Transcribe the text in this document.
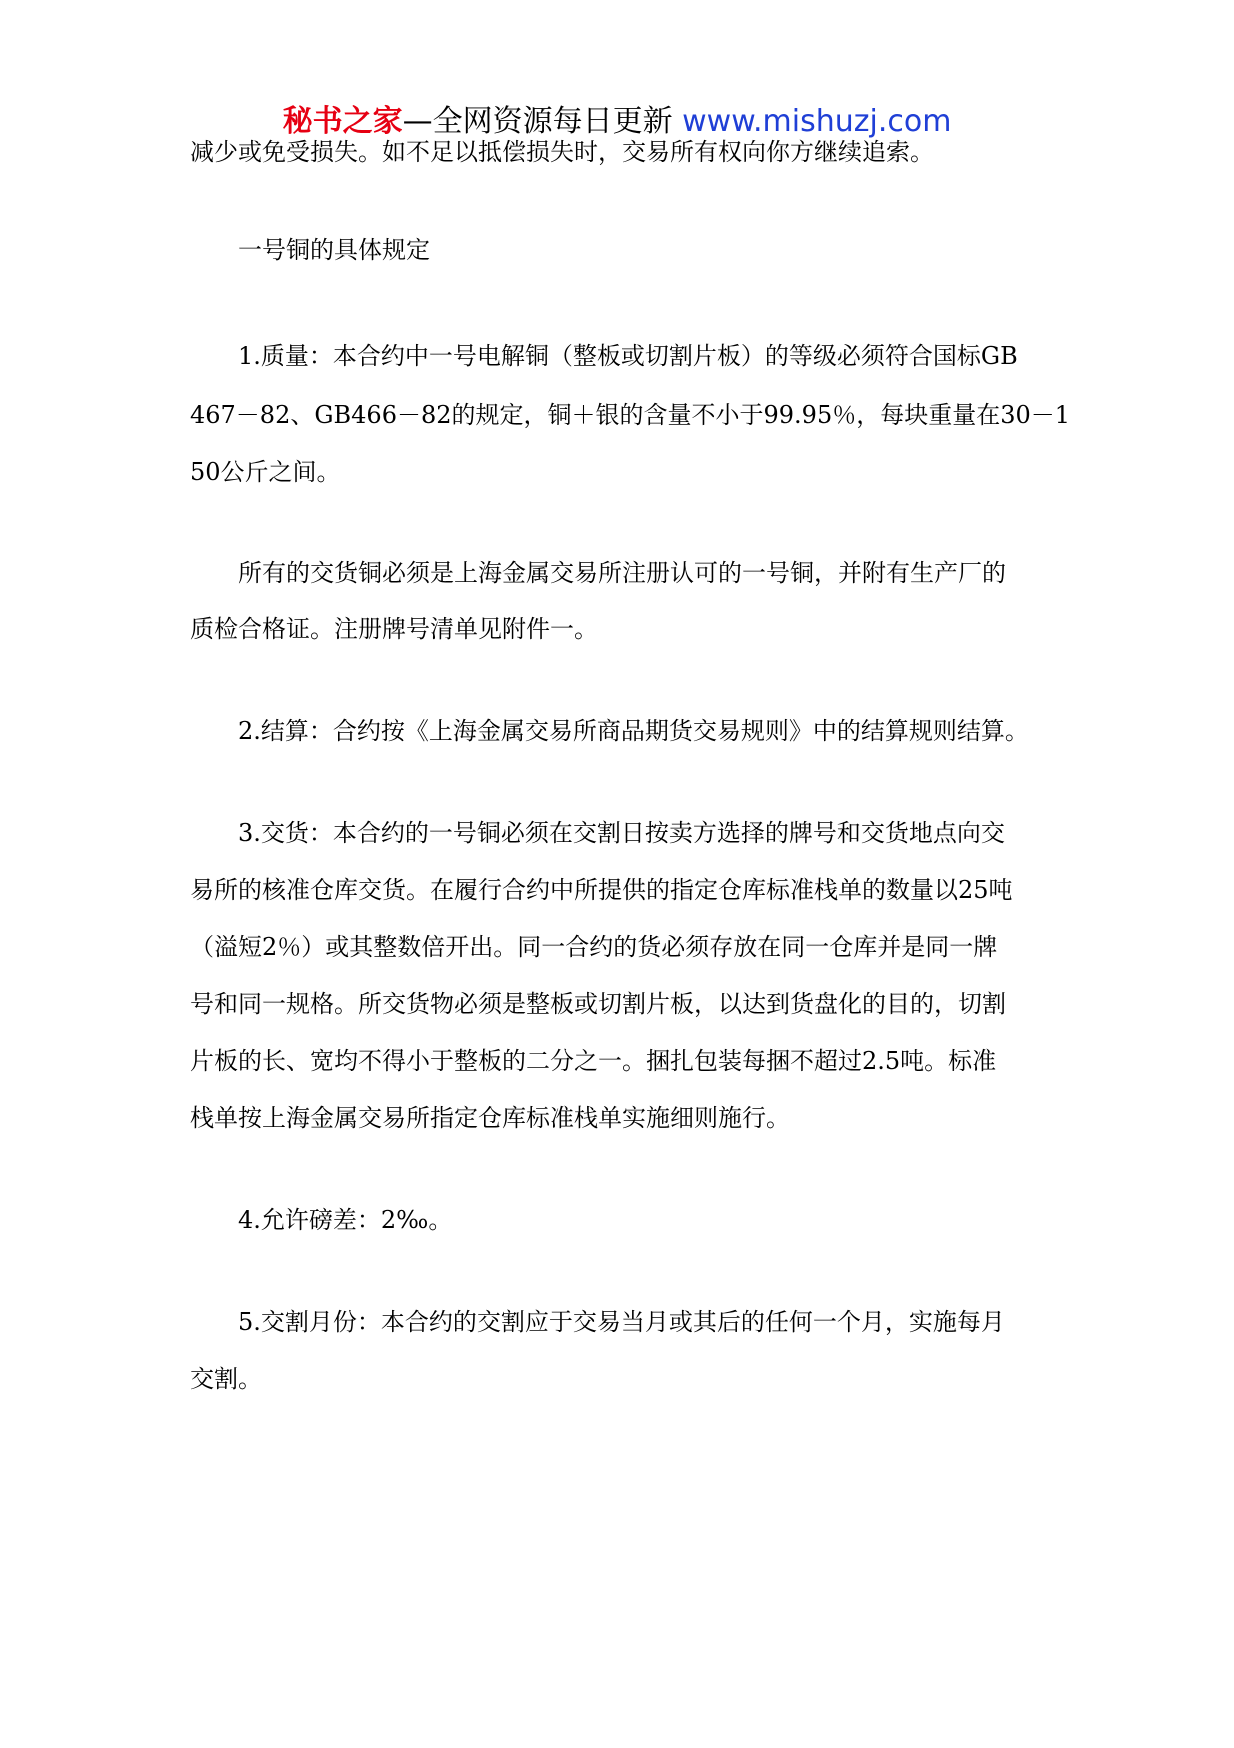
秘书之家—全网资源每日更新 www.mishuzj.com
减少或免受损失。如不足以抵偿损失时，交易所有权向你方继续追索。
一号铜的具体规定
1.质量：本合约中一号电解铜（整板或切割片板）的等级必须符合国标GB
467－82、GB466－82的规定，铜＋银的含量不小于99.95％，每块重量在30－1
50公斤之间。
所有的交货铜必须是上海金属交易所注册认可的一号铜，并附有生产厂的
质检合格证。注册牌号清单见附件一。
2.结算：合约按《上海金属交易所商品期货交易规则》中的结算规则结算。
3.交货：本合约的一号铜必须在交割日按卖方选择的牌号和交货地点向交
易所的核准仓库交货。在履行合约中所提供的指定仓库标准栈单的数量以25吨
（溢短2％）或其整数倍开出。同一合约的货必须存放在同一仓库并是同一牌
号和同一规格。所交货物必须是整板或切割片板，以达到货盘化的目的，切割
片板的长、宽均不得小于整板的二分之一。捆扎包装每捆不超过2.5吨。标准
栈单按上海金属交易所指定仓库标准栈单实施细则施行。
4.允许磅差：2‰。
5.交割月份：本合约的交割应于交易当月或其后的任何一个月，实施每月
交割。
